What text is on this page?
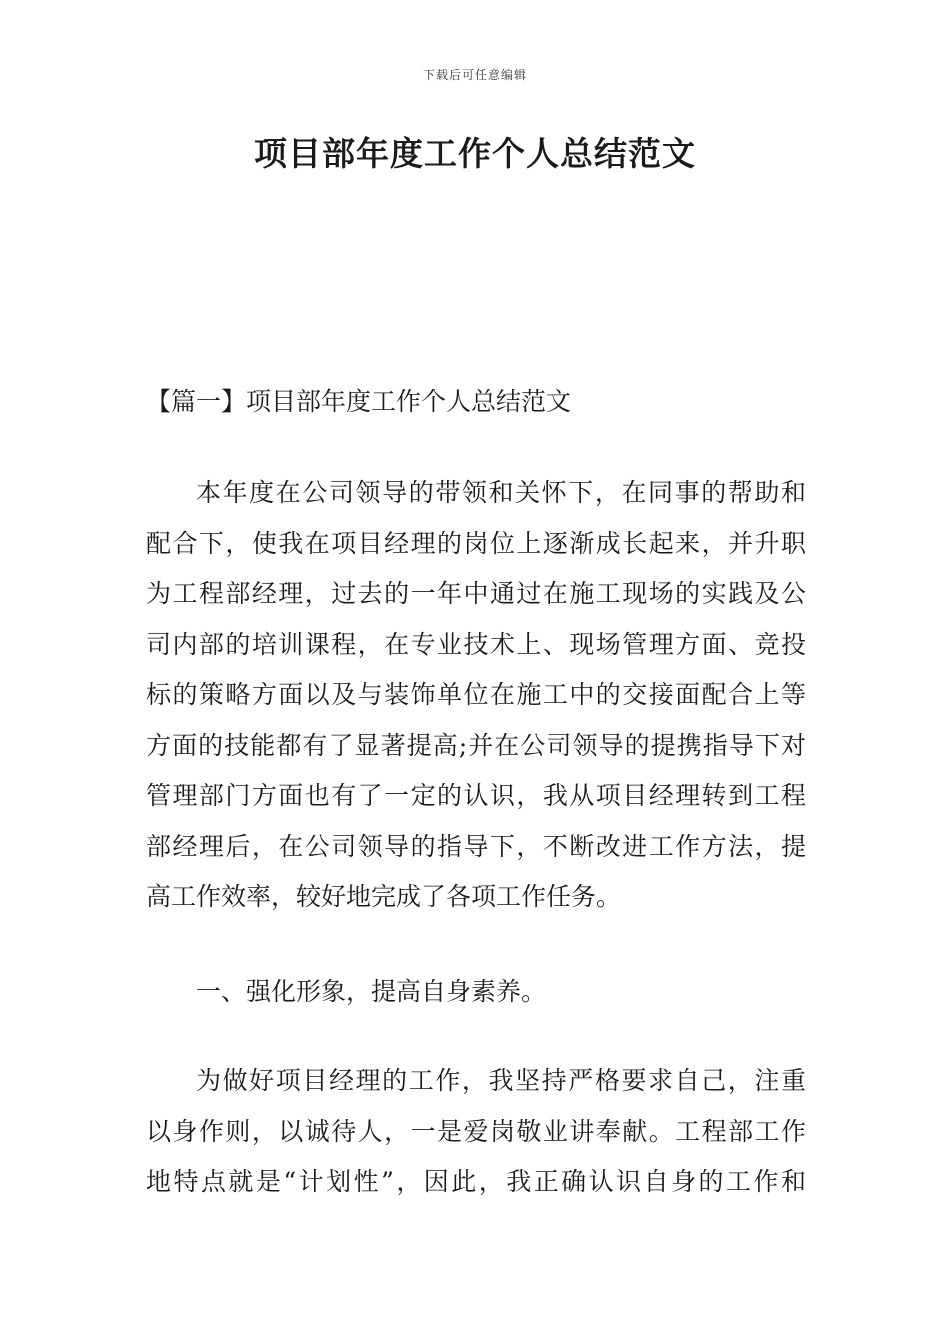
下载后可任意编辑
项目部年度工作个人总结范文

【篇一】项目部年度工作个人总结范文

本年度在公司领导的带领和关怀下，在同事的帮助和
配合下，使我在项目经理的岗位上逐渐成长起来，并升职
为工程部经理，过去的一年中通过在施工现场的实践及公
司内部的培训课程，在专业技术上、现场管理方面、竞投
标的策略方面以及与装饰单位在施工中的交接面配合上等
方面的技能都有了显著提高;并在公司领导的提携指导下对
管理部门方面也有了一定的认识，我从项目经理转到工程
部经理后，在公司领导的指导下，不断改进工作方法，提
高工作效率，较好地完成了各项工作任务。

一、强化形象，提高自身素养。

为做好项目经理的工作，我坚持严格要求自己，注重
以身作则，以诚待人，一是爱岗敬业讲奉献。工程部工作
地特点就是“计划性”，因此，我正确认识自身的工作和
